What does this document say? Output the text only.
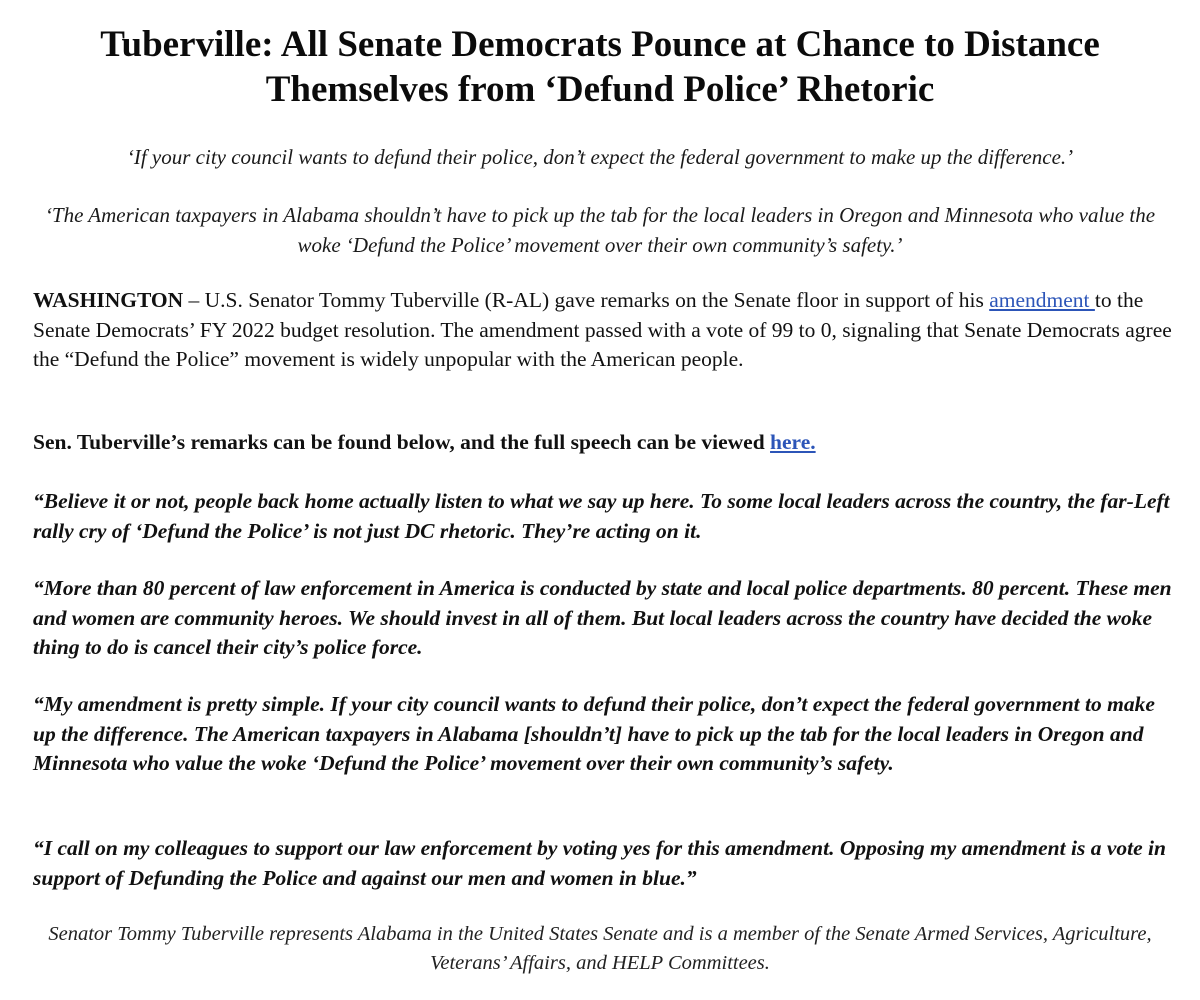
Tuberville: All Senate Democrats Pounce at Chance to Distance Themselves from ‘Defund Police’ Rhetoric

‘If your city council wants to defund their police, don’t expect the federal government to make up the difference.’

‘The American taxpayers in Alabama shouldn’t have to pick up the tab for the local leaders in Oregon and Minnesota who value the woke ‘Defund the Police’ movement over their own community’s safety.’

WASHINGTON – U.S. Senator Tommy Tuberville (R-AL) gave remarks on the Senate floor in support of his amendment to the Senate Democrats’ FY 2022 budget resolution. The amendment passed with a vote of 99 to 0, signaling that Senate Democrats agree the “Defund the Police” movement is widely unpopular with the American people.

Sen. Tuberville’s remarks can be found below, and the full speech can be viewed here.

“Believe it or not, people back home actually listen to what we say up here. To some local leaders across the country, the far-Left rally cry of ‘Defund the Police’ is not just DC rhetoric. They’re acting on it.

“More than 80 percent of law enforcement in America is conducted by state and local police departments. 80 percent. These men and women are community heroes. We should invest in all of them. But local leaders across the country have decided the woke thing to do is cancel their city’s police force.

“My amendment is pretty simple. If your city council wants to defund their police, don’t expect the federal government to make up the difference. The American taxpayers in Alabama [shouldn’t] have to pick up the tab for the local leaders in Oregon and Minnesota who value the woke ‘Defund the Police’ movement over their own community’s safety.

“I call on my colleagues to support our law enforcement by voting yes for this amendment. Opposing my amendment is a vote in support of Defunding the Police and against our men and women in blue.”

Senator Tommy Tuberville represents Alabama in the United States Senate and is a member of the Senate Armed Services, Agriculture, Veterans’ Affairs, and HELP Committees.
